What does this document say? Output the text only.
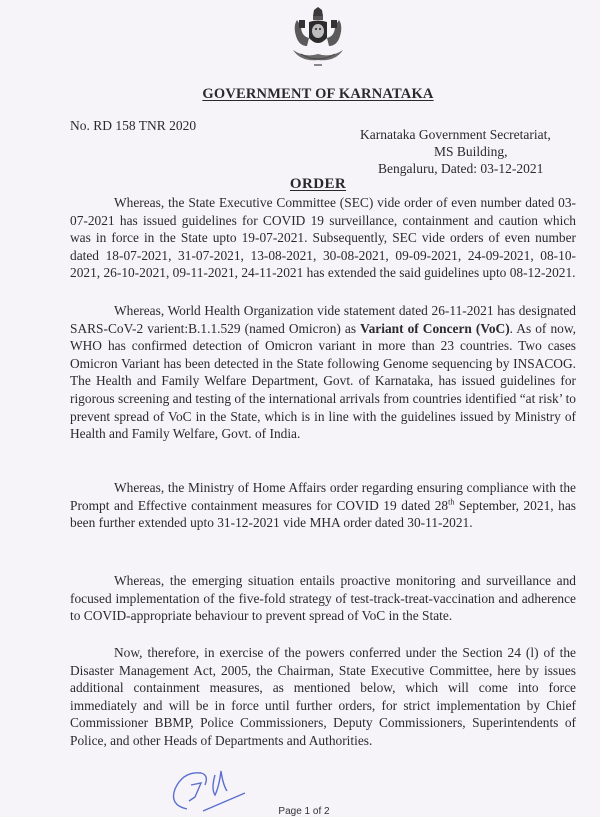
GOVERNMENT OF KARNATAKA
No. RD 158 TNR 2020
Karnataka Government Secretariat,
MS Building,
Bengaluru, Dated: 03-12-2021
ORDER

Whereas, the State Executive Committee (SEC) vide order of even number dated 03-07-2021 has issued guidelines for COVID 19 surveillance, containment and caution which was in force in the State upto 19-07-2021. Subsequently, SEC vide orders of even number dated 18-07-2021, 31-07-2021, 13-08-2021, 30-08-2021, 09-09-2021, 24-09-2021, 08-10-2021, 26-10-2021, 09-11-2021, 24-11-2021 has extended the said guidelines upto 08-12-2021.

Whereas, World Health Organization vide statement dated 26-11-2021 has designated SARS-CoV-2 varient:B.1.1.529 (named Omicron) as Variant of Concern (VoC). As of now, WHO has confirmed detection of Omicron variant in more than 23 countries. Two cases Omicron Variant has been detected in the State following Genome sequencing by INSACOG. The Health and Family Welfare Department, Govt. of Karnataka, has issued guidelines for rigorous screening and testing of the international arrivals from countries identified “at risk’ to prevent spread of VoC in the State, which is in line with the guidelines issued by Ministry of Health and Family Welfare, Govt. of India.

Whereas, the Ministry of Home Affairs order regarding ensuring compliance with the Prompt and Effective containment measures for COVID 19 dated 28th September, 2021, has been further extended upto 31-12-2021 vide MHA order dated 30-11-2021.

Whereas, the emerging situation entails proactive monitoring and surveillance and focused implementation of the five-fold strategy of test-track-treat-vaccination and adherence to COVID-appropriate behaviour to prevent spread of VoC in the State.

Now, therefore, in exercise of the powers conferred under the Section 24 (l) of the Disaster Management Act, 2005, the Chairman, State Executive Committee, here by issues additional containment measures, as mentioned below, which will come into force immediately and will be in force until further orders, for strict implementation by Chief Commissioner BBMP, Police Commissioners, Deputy Commissioners, Superintendents of Police, and other Heads of Departments and Authorities.

Page 1 of 2
